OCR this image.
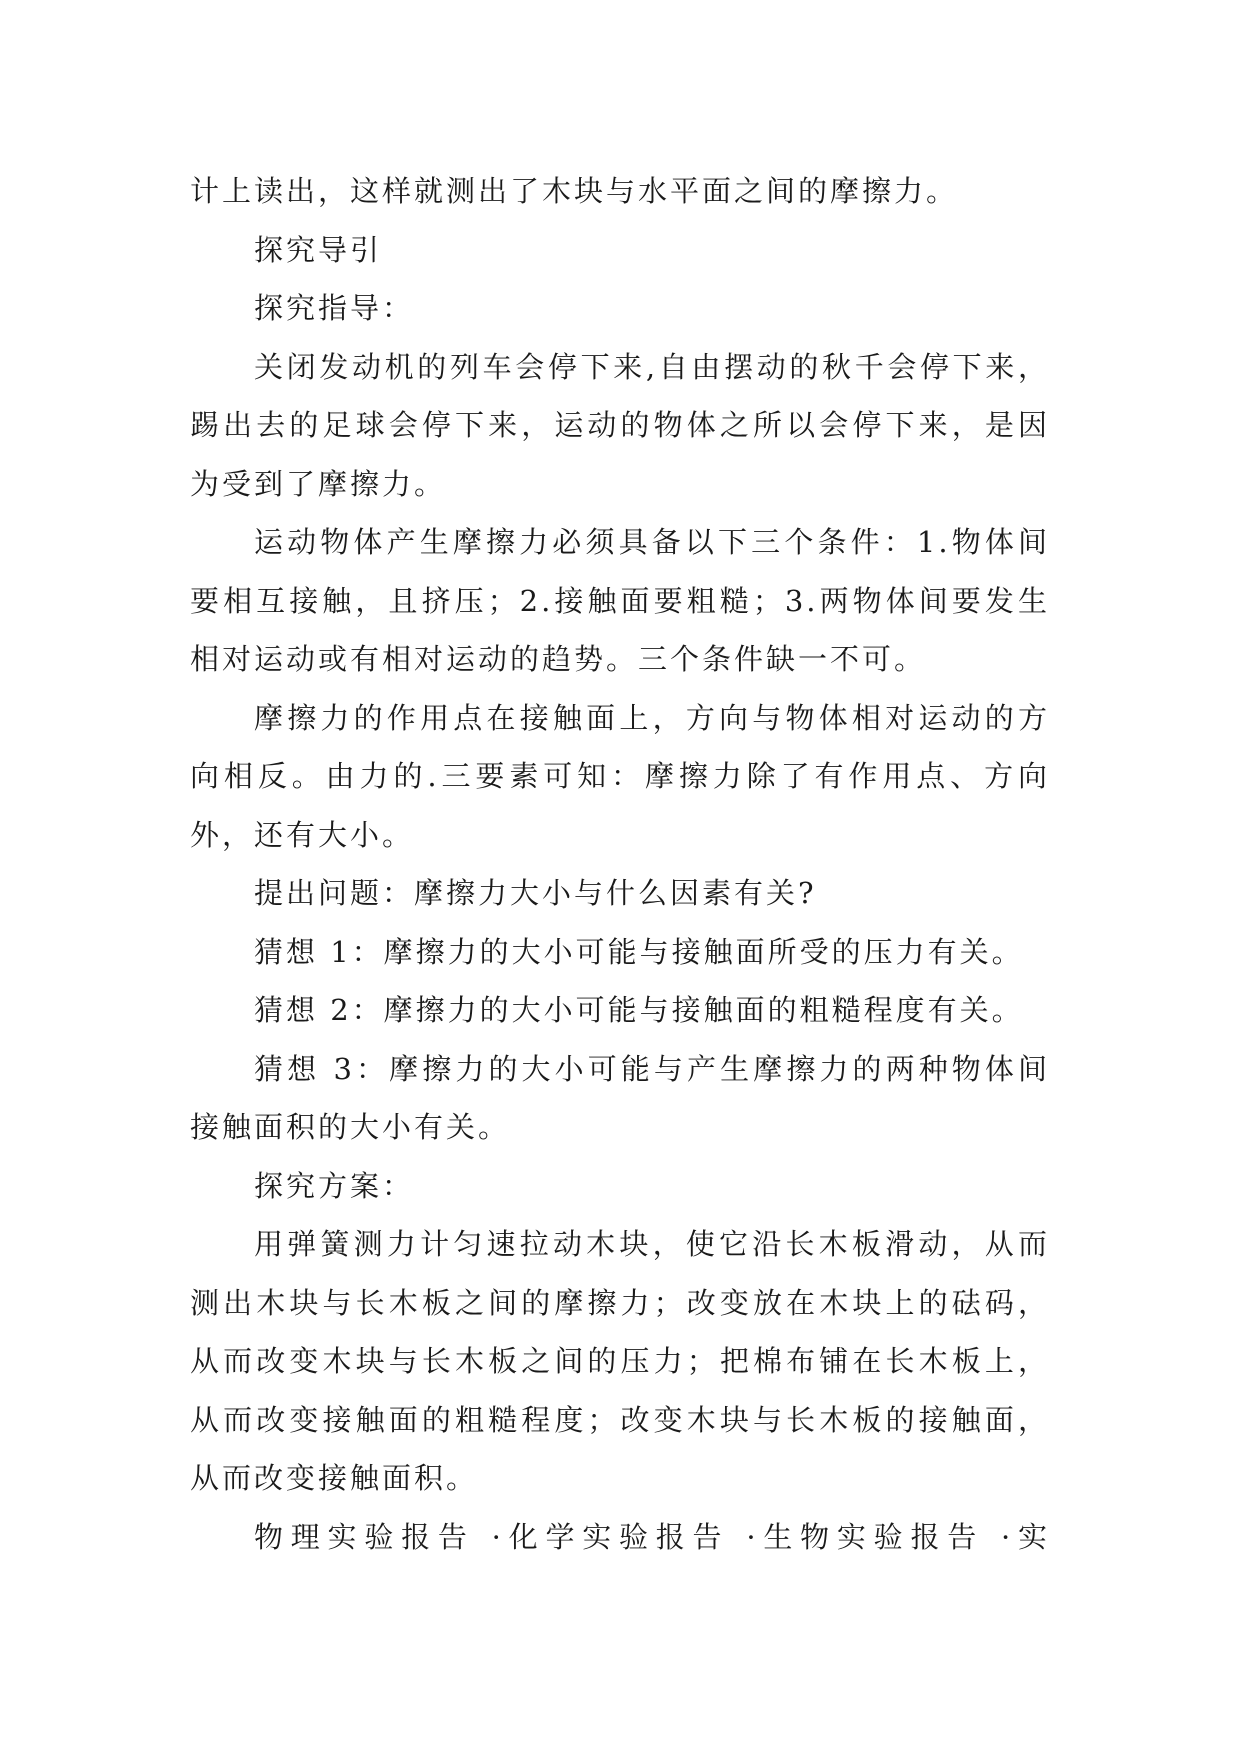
计上读出，这样就测出了木块与水平面之间的摩擦力。
探究导引
探究指导：
关闭发动机的列车会停下来,自由摆动的秋千会停下来，
踢出去的足球会停下来，运动的物体之所以会停下来，是因
为受到了摩擦力。
运动物体产生摩擦力必须具备以下三个条件：1.物体间
要相互接触，且挤压；2.接触面要粗糙；3.两物体间要发生
相对运动或有相对运动的趋势。三个条件缺一不可。
摩擦力的作用点在接触面上，方向与物体相对运动的方
向相反。由力的.三要素可知：摩擦力除了有作用点、方向
外，还有大小。
提出问题：摩擦力大小与什么因素有关?
猜想 1：摩擦力的大小可能与接触面所受的压力有关。
猜想 2：摩擦力的大小可能与接触面的粗糙程度有关。
猜想 3：摩擦力的大小可能与产生摩擦力的两种物体间
接触面积的大小有关。
探究方案：
用弹簧测力计匀速拉动木块，使它沿长木板滑动，从而
测出木块与长木板之间的摩擦力；改变放在木块上的砝码，
从而改变木块与长木板之间的压力；把棉布铺在长木板上，
从而改变接触面的粗糙程度；改变木块与长木板的接触面，
从而改变接触面积。
物理实验报告 ·化学实验报告 ·生物实验报告 ·实
